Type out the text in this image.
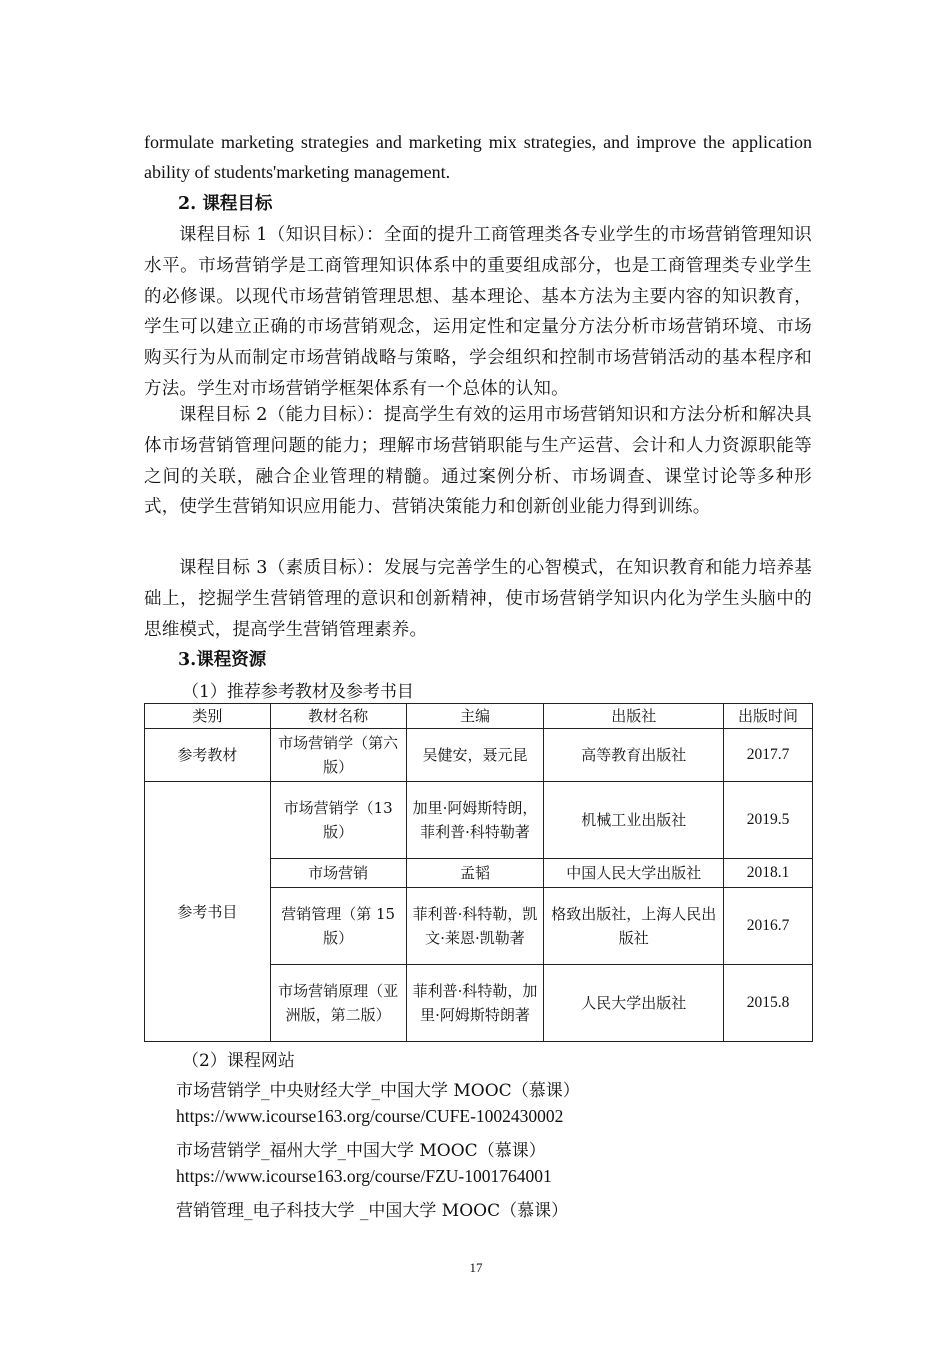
formulate marketing strategies and marketing mix strategies, and improve the application ability of students'marketing management.

2. 课程目标

课程目标 1（知识目标）：全面的提升工商管理类各专业学生的市场营销管理知识水平。市场营销学是工商管理知识体系中的重要组成部分，也是工商管理类专业学生的必修课。以现代市场营销管理思想、基本理论、基本方法为主要内容的知识教育，学生可以建立正确的市场营销观念，运用定性和定量分方法分析市场营销环境、市场购买行为从而制定市场营销战略与策略，学会组织和控制市场营销活动的基本程序和方法。学生对市场营销学框架体系有一个总体的认知。

课程目标 2（能力目标）：提高学生有效的运用市场营销知识和方法分析和解决具体市场营销管理问题的能力；理解市场营销职能与生产运营、会计和人力资源职能等之间的关联，融合企业管理的精髓。通过案例分析、市场调查、课堂讨论等多种形式，使学生营销知识应用能力、营销决策能力和创新创业能力得到训练。

课程目标 3（素质目标）：发展与完善学生的心智模式，在知识教育和能力培养基础上，挖掘学生营销管理的意识和创新精神，使市场营销学知识内化为学生头脑中的思维模式，提高学生营销管理素养。

3.课程资源

（1）推荐参考教材及参考书目

类别	教材名称	主编	出版社	出版时间
参考教材	市场营销学（第六版）	吴健安，聂元昆	高等教育出版社	2017.7
参考书目	市场营销学（13 版）	加里·阿姆斯特朗，菲利普·科特勒著	机械工业出版社	2019.5
	市场营销	孟韬	中国人民大学出版社	2018.1
	营销管理（第 15 版）	菲利普·科特勒，凯文·莱恩·凯勒著	格致出版社，上海人民出版社	2016.7
	市场营销原理（亚洲版，第二版）	菲利普·科特勒，加里·阿姆斯特朗著	人民大学出版社	2015.8

（2）课程网站

市场营销学_中央财经大学_中国大学 MOOC（慕课）
https://www.icourse163.org/course/CUFE-1002430002
市场营销学_福州大学_中国大学 MOOC（慕课）
https://www.icourse163.org/course/FZU-1001764001
营销管理_电子科技大学 _中国大学 MOOC（慕课）
17
